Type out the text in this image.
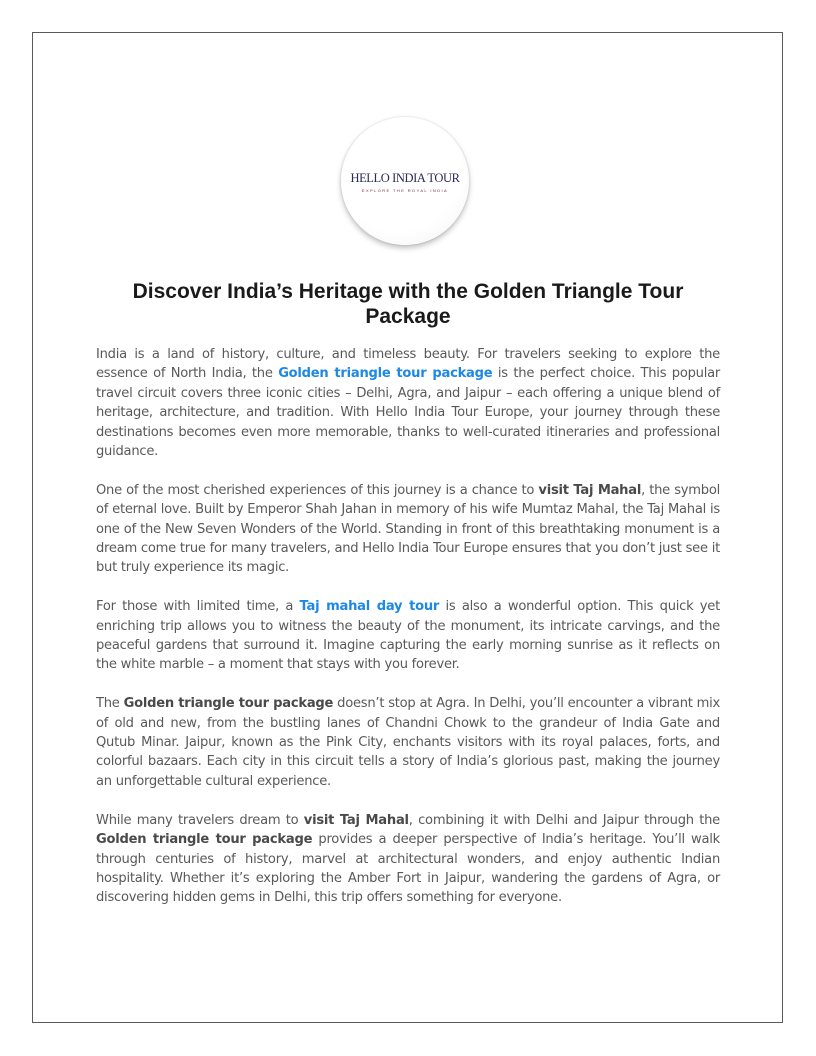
HELLO INDIA TOUR
EXPLORE THE ROYAL INDIA
Discover India’s Heritage with the Golden Triangle Tour Package

India is a land of history, culture, and timeless beauty. For travelers seeking to explore the essence of North India, the Golden triangle tour package is the perfect choice. This popular travel circuit covers three iconic cities – Delhi, Agra, and Jaipur – each offering a unique blend of heritage, architecture, and tradition. With Hello India Tour Europe, your journey through these destinations becomes even more memorable, thanks to well-curated itineraries and professional guidance.

One of the most cherished experiences of this journey is a chance to visit Taj Mahal, the symbol of eternal love. Built by Emperor Shah Jahan in memory of his wife Mumtaz Mahal, the Taj Mahal is one of the New Seven Wonders of the World. Standing in front of this breathtaking monument is a dream come true for many travelers, and Hello India Tour Europe ensures that you don’t just see it but truly experience its magic.

For those with limited time, a Taj mahal day tour is also a wonderful option. This quick yet enriching trip allows you to witness the beauty of the monument, its intricate carvings, and the peaceful gardens that surround it. Imagine capturing the early morning sunrise as it reflects on the white marble – a moment that stays with you forever.

The Golden triangle tour package doesn’t stop at Agra. In Delhi, you’ll encounter a vibrant mix of old and new, from the bustling lanes of Chandni Chowk to the grandeur of India Gate and Qutub Minar. Jaipur, known as the Pink City, enchants visitors with its royal palaces, forts, and colorful bazaars. Each city in this circuit tells a story of India’s glorious past, making the journey an unforgettable cultural experience.

While many travelers dream to visit Taj Mahal, combining it with Delhi and Jaipur through the Golden triangle tour package provides a deeper perspective of India’s heritage. You’ll walk through centuries of history, marvel at architectural wonders, and enjoy authentic Indian hospitality. Whether it’s exploring the Amber Fort in Jaipur, wandering the gardens of Agra, or discovering hidden gems in Delhi, this trip offers something for everyone.
